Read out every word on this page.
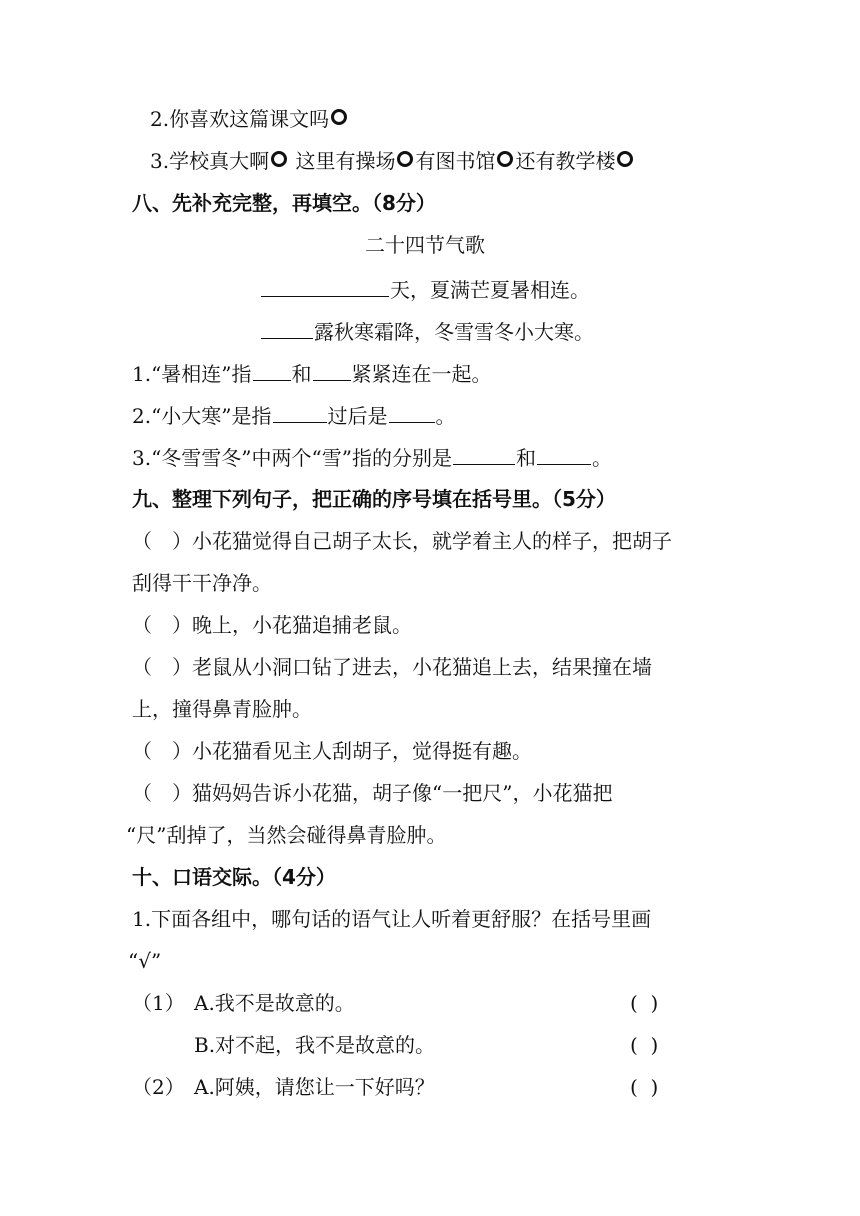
2.你喜欢这篇课文吗
3.学校真大啊 这里有操场 有图书馆 还有教学楼
八、先补充完整，再填空。（8分）
二十四节气歌
天，夏满芒夏暑相连。
露秋寒霜降，冬雪雪冬小大寒。
1.“暑相连”指 和 紧紧连在一起。
2.“小大寒”是指	过后是 。
3.“冬雪雪冬”中两个“雪”指的分别是	和	。
九、整理下列句子，把正确的序号填在括号里。（5分）
（　）小花猫觉得自己胡子太长，就学着主人的样子，把胡子
刮得干干净净。
（　）晚上，小花猫追捕老鼠。
（　）老鼠从小洞口钻了进去，小花猫追上去，结果撞在墙
上，撞得鼻青脸肿。
（　）小花猫看见主人刮胡子，觉得挺有趣。
（　）猫妈妈告诉小花猫，胡子像“一把尺”，小花猫把
“尺”刮掉了，当然会碰得鼻青脸肿。
十、口语交际。（4分）
1.下面各组中，哪句话的语气让人听着更舒服？在括号里画
“√”
（1） A.我不是故意的。	(  )
B.对不起，我不是故意的。	(  )
（2） A.阿姨，请您让一下好吗？	(  )
